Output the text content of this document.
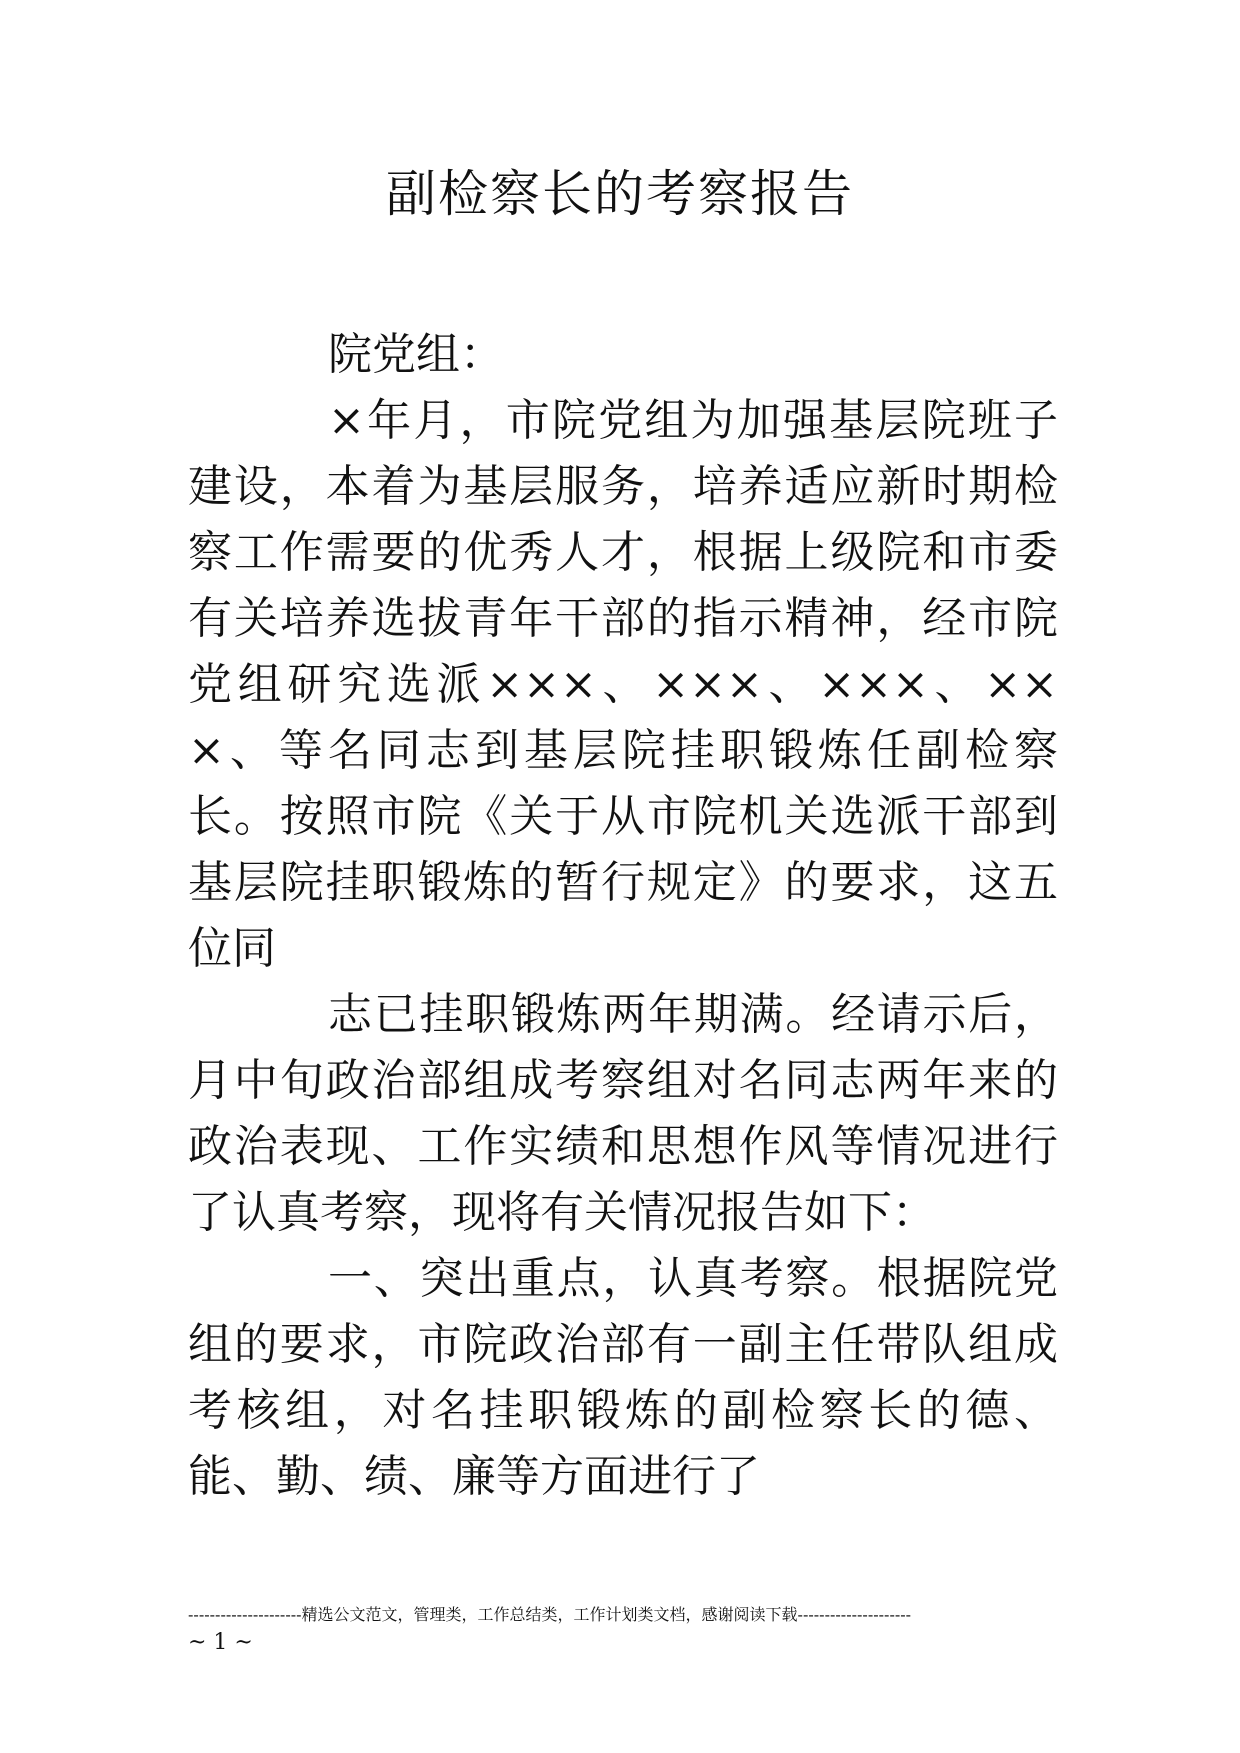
副检察长的考察报告

院党组：

×年月，市院党组为加强基层院班子建设，本着为基层服务，培养适应新时期检察工作需要的优秀人才，根据上级院和市委有关培养选拔青年干部的指示精神，经市院党组研究选派×××、×××、×××、×××、等名同志到基层院挂职锻炼任副检察长。按照市院《关于从市院机关选派干部到基层院挂职锻炼的暂行规定》的要求，这五位同

志已挂职锻炼两年期满。经请示后，月中旬政治部组成考察组对名同志两年来的政治表现、工作实绩和思想作风等情况进行了认真考察，现将有关情况报告如下：

一、突出重点，认真考察。根据院党组的要求，市院政治部有一副主任带队组成考核组，对名挂职锻炼的副检察长的德、能、勤、绩、廉等方面进行了

---------------------精选公文范文，管理类，工作总结类，工作计划类文档，感谢阅读下载---------------------
~ 1 ~
